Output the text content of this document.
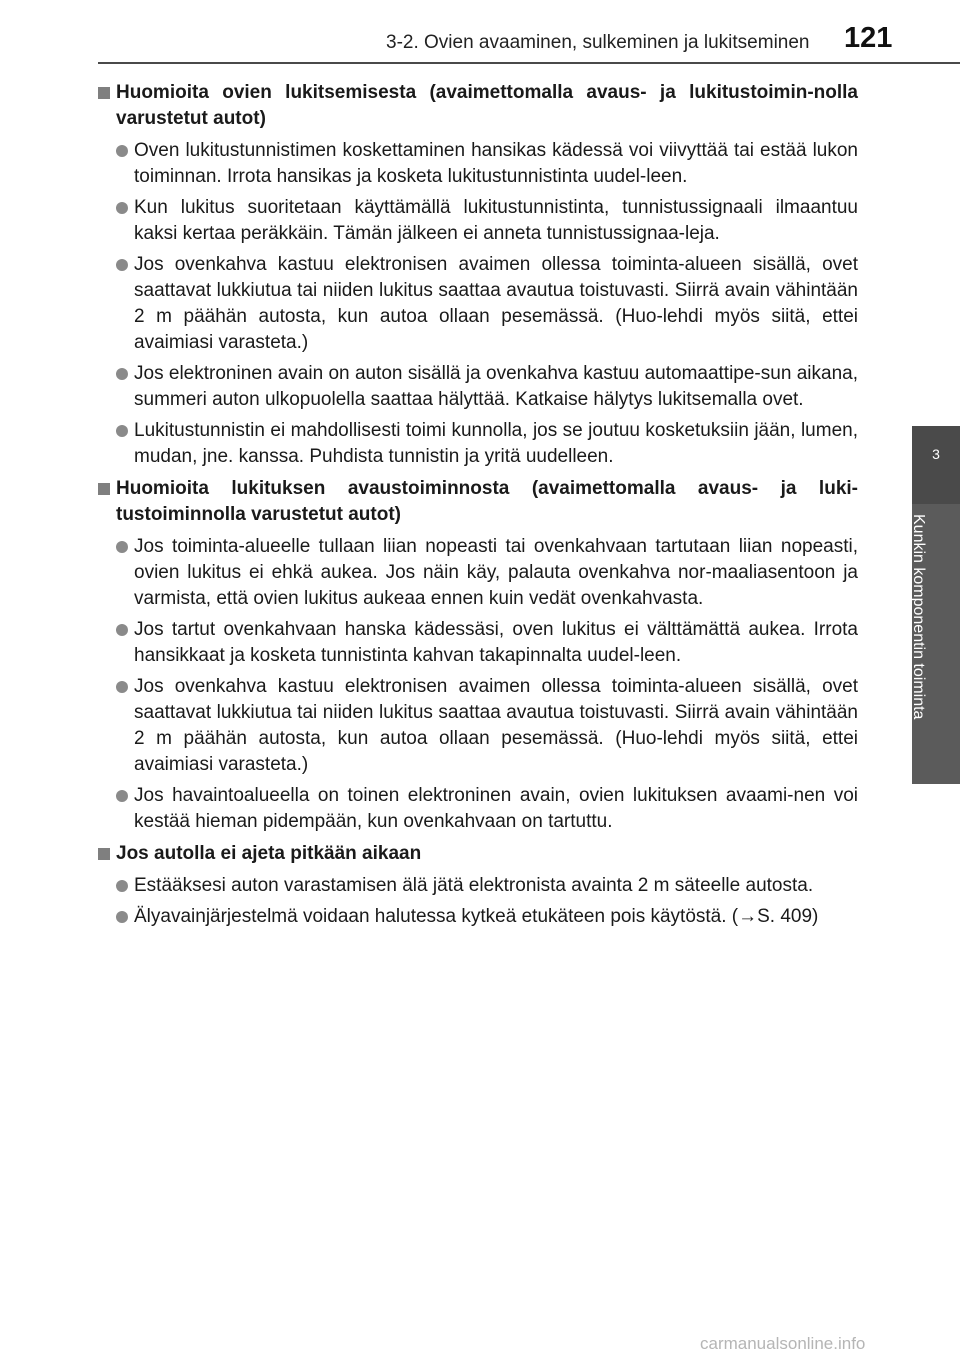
3-2. Ovien avaaminen, sulkeminen ja lukitseminen 121
3
Kunkin komponentin toiminta
Huomioita ovien lukitsemisesta (avaimettomalla avaus- ja lukitustoimin-nolla varustetut autot)
Oven lukitustunnistimen koskettaminen hansikas kädessä voi viivyttää tai estää lukon toiminnan. Irrota hansikas ja kosketa lukitustunnistinta uudel-leen.
Kun lukitus suoritetaan käyttämällä lukitustunnistinta, tunnistussignaali ilmaantuu kaksi kertaa peräkkäin. Tämän jälkeen ei anneta tunnistussignaa-leja.
Jos ovenkahva kastuu elektronisen avaimen ollessa toiminta-alueen sisällä, ovet saattavat lukkiutua tai niiden lukitus saattaa avautua toistuvasti. Siirrä avain vähintään 2 m päähän autosta, kun autoa ollaan pesemässä. (Huo-lehdi myös siitä, ettei avaimiasi varasteta.)
Jos elektroninen avain on auton sisällä ja ovenkahva kastuu automaattipe-sun aikana, summeri auton ulkopuolella saattaa hälyttää. Katkaise hälytys lukitsemalla ovet.
Lukitustunnistin ei mahdollisesti toimi kunnolla, jos se joutuu kosketuksiin jään, lumen, mudan, jne. kanssa. Puhdista tunnistin ja yritä uudelleen.
Huomioita lukituksen avaustoiminnosta (avaimettomalla avaus- ja luki-tustoiminnolla varustetut autot)
Jos toiminta-alueelle tullaan liian nopeasti tai ovenkahvaan tartutaan liian nopeasti, ovien lukitus ei ehkä aukea. Jos näin käy, palauta ovenkahva nor-maaliasentoon ja varmista, että ovien lukitus aukeaa ennen kuin vedät ovenkahvasta.
Jos tartut ovenkahvaan hanska kädessäsi, oven lukitus ei välttämättä aukea. Irrota hansikkaat ja kosketa tunnistinta kahvan takapinnalta uudel-leen.
Jos ovenkahva kastuu elektronisen avaimen ollessa toiminta-alueen sisällä, ovet saattavat lukkiutua tai niiden lukitus saattaa avautua toistuvasti. Siirrä avain vähintään 2 m päähän autosta, kun autoa ollaan pesemässä. (Huo-lehdi myös siitä, ettei avaimiasi varasteta.)
Jos havaintoalueella on toinen elektroninen avain, ovien lukituksen avaami-nen voi kestää hieman pidempään, kun ovenkahvaan on tartuttu.
Jos autolla ei ajeta pitkään aikaan
Estääksesi auton varastamisen älä jätä elektronista avainta 2 m säteelle autosta.
Älyavainjärjestelmä voidaan halutessa kytkeä etukäteen pois käytöstä. (→S. 409)
carmanualsonline.info
